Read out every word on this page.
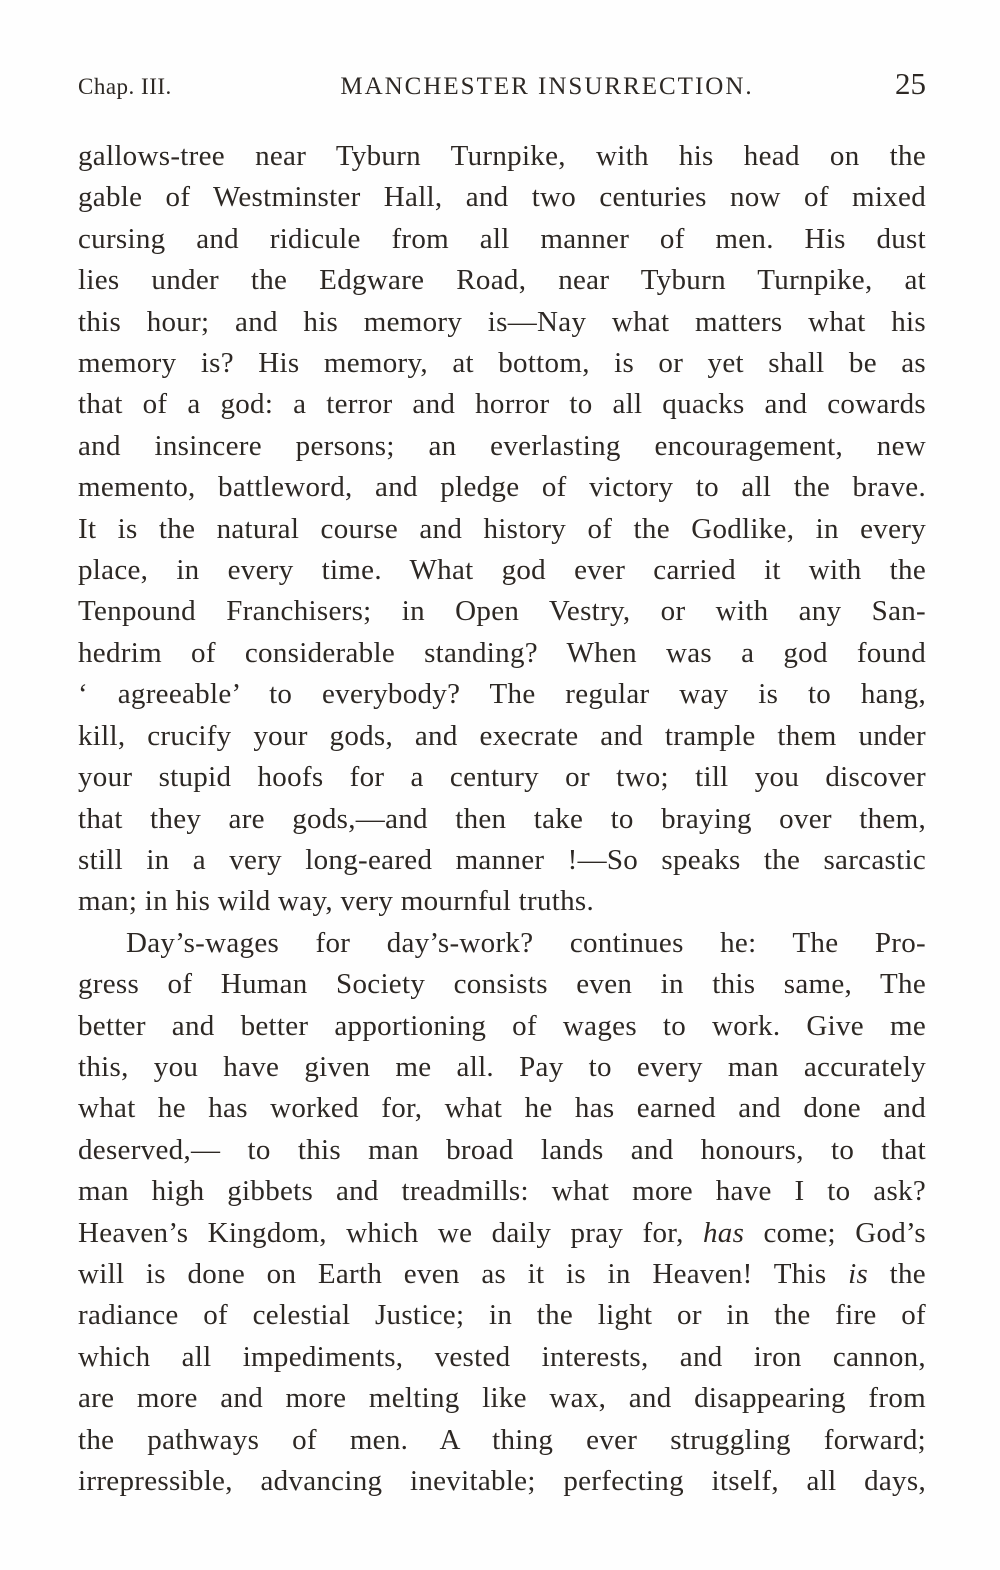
Chap. III.	MANCHESTER INSURRECTION.	25
gallows-tree near Tyburn Turnpike, with his head on the
gable of Westminster Hall, and two centuries now of mixed
cursing and ridicule from all manner of men. His dust
lies under the Edgware Road, near Tyburn Turnpike, at
this hour; and his memory is—Nay what matters what his
memory is? His memory, at bottom, is or yet shall be as
that of a god: a terror and horror to all quacks and cowards
and insincere persons; an everlasting encouragement, new
memento, battleword, and pledge of victory to all the brave.
It is the natural course and history of the Godlike, in every
place, in every time. What god ever carried it with the
Tenpound Franchisers; in Open Vestry, or with any San-
hedrim of considerable standing? When was a god found
‘ agreeable’ to everybody? The regular way is to hang,
kill, crucify your gods, and execrate and trample them under
your stupid hoofs for a century or two; till you discover
that they are gods,—and then take to braying over them,
still in a very long-eared manner !—So speaks the sarcastic
man; in his wild way, very mournful truths.
Day’s-wages for day’s-work? continues he: The Pro-
gress of Human Society consists even in this same, The
better and better apportioning of wages to work. Give me
this, you have given me all. Pay to every man accurately
what he has worked for, what he has earned and done and
deserved,— to this man broad lands and honours, to that
man high gibbets and treadmills: what more have I to ask?
Heaven’s Kingdom, which we daily pray for, has come; God’s
will is done on Earth even as it is in Heaven! This is the
radiance of celestial Justice; in the light or in the fire of
which all impediments, vested interests, and iron cannon,
are more and more melting like wax, and disappearing from
the pathways of men. A thing ever struggling forward;
irrepressible, advancing inevitable; perfecting itself, all days,
